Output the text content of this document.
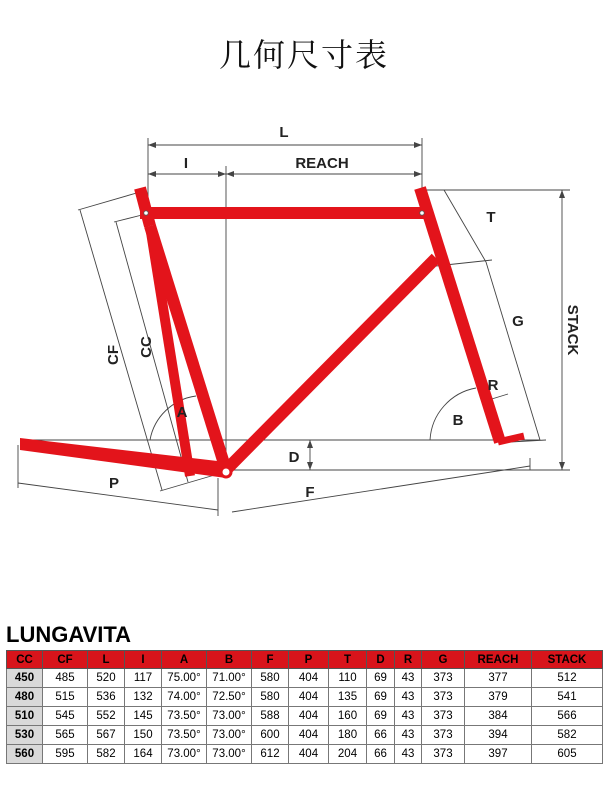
几何尺寸表
L
I	REACH
T
G
R
B
A
D
P
F
STACK
CF CC
LUNGAVITA
CC	CF	L	I	A	B	F	P	T	D	R	G	REACH	STACK
450	485	520	117	75.00°	71.00°	580	404	110	69	43	373	377	512
480	515	536	132	74.00°	72.50°	580	404	135	69	43	373	379	541
510	545	552	145	73.50°	73.00°	588	404	160	69	43	373	384	566
530	565	567	150	73.50°	73.00°	600	404	180	66	43	373	394	582
560	595	582	164	73.00°	73.00°	612	404	204	66	43	373	397	605
